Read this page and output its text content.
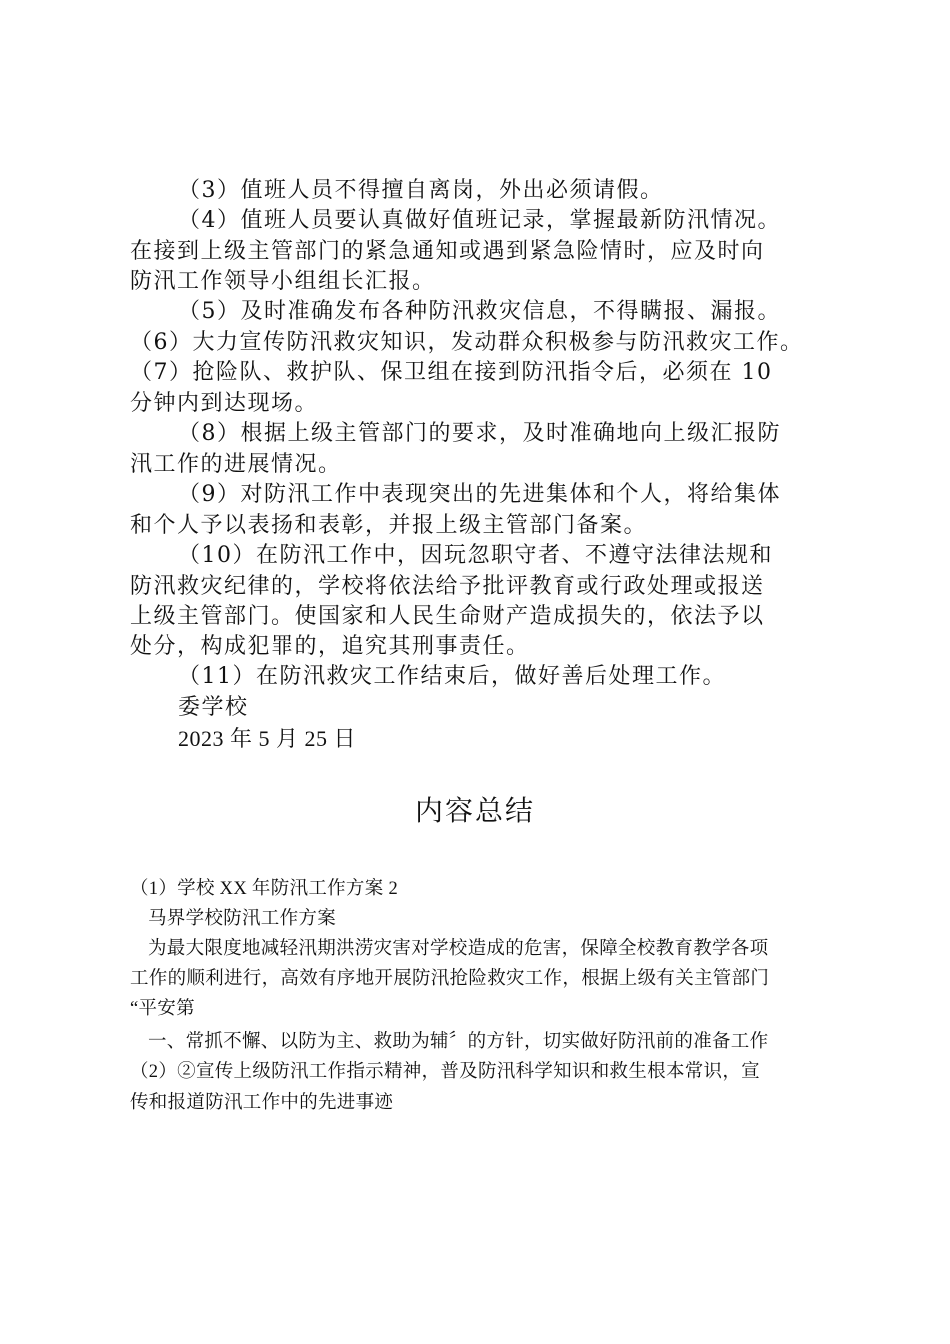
（3）值班人员不得擅自离岗，外出必须请假。
（4）值班人员要认真做好值班记录，掌握最新防汛情况。
在接到上级主管部门的紧急通知或遇到紧急险情时，应及时向
防汛工作领导小组组长汇报。
（5）及时准确发布各种防汛救灾信息，不得瞒报、漏报。
（6）大力宣传防汛救灾知识，发动群众积极参与防汛救灾工作。
（7）抢险队、救护队、保卫组在接到防汛指令后，必须在 10
分钟内到达现场。
（8）根据上级主管部门的要求，及时准确地向上级汇报防
汛工作的进展情况。
（9）对防汛工作中表现突出的先进集体和个人，将给集体
和个人予以表扬和表彰，并报上级主管部门备案。
（10）在防汛工作中，因玩忽职守者、不遵守法律法规和
防汛救灾纪律的，学校将依法给予批评教育或行政处理或报送
上级主管部门。使国家和人民生命财产造成损失的，依法予以
处分，构成犯罪的，追究其刑事责任。
（11）在防汛救灾工作结束后，做好善后处理工作。
委学校
2023 年 5 月 25 日
内容总结
（1）学校 XX 年防汛工作方案 2
马界学校防汛工作方案
为最大限度地减轻汛期洪涝灾害对学校造成的危害，保障全校教育教学各项
工作的顺利进行，高效有序地开展防汛抢险救灾工作，根据上级有关主管部门
“平安第
一、常抓不懈、以防为主、救助为辅〞的方针，切实做好防汛前的准备工作
（2）②宣传上级防汛工作指示精神，普及防汛科学知识和救生根本常识，宣
传和报道防汛工作中的先进事迹
